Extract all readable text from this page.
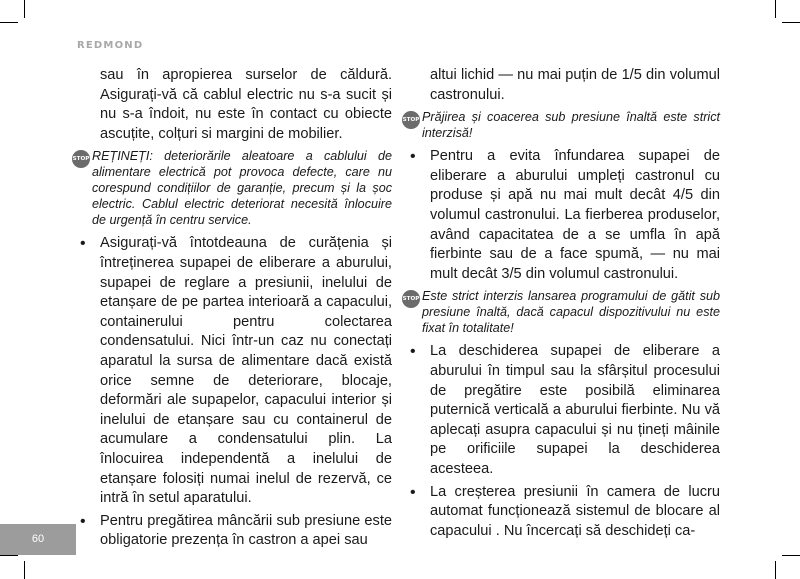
REDMOND

sau în apropierea surselor de căldură. Asigurați-vă că cablul electric nu s-a sucit și nu s-a îndoit, nu este în contact cu obiecte ascuțite, colțuri si margini de mobilier.

STOP REȚINEȚI: deteriorările aleatoare a cablului de alimentare electrică pot provoca defecte, care nu corespund condițiilor de garanție, precum și la șoc electric. Cablul electric deteriorat necesită înlocuire de urgență în centru service.

• Asigurați-vă întotdeauna de curățenia și întreținerea supapei de eliberare a aburului, supapei de reglare a presiunii, inelului de etanșare de pe partea interioară a capacului, containerului pentru colectarea condensatului. Nici într-un caz nu conectați aparatul la sursa de alimentare dacă există orice semne de deteriorare, blocaje, deformări ale supapelor, capacului interior și inelului de etanșare sau cu containerul de acumulare a condensatului plin. La înlocuirea independentă a inelului de etanșare folosiți numai inelul de rezervă, ce intră în setul aparatului.

• Pentru pregătirea mâncării sub presiune este obligatorie prezența în castron a apei sau

altui lichid — nu mai puțin de 1/5 din volumul castronului.

STOP Prăjirea și coacerea sub presiune înaltă este strict interzisă!

• Pentru a evita înfundarea supapei de eliberare a aburului umpleți castronul cu produse și apă nu mai mult decât 4/5 din volumul castronului. La fierberea produselor, având capacitatea de a se umfla în apă fierbinte sau de a face spumă, — nu mai mult decât 3/5 din volumul castronului.

STOP Este strict interzis lansarea programului de gătit sub presiune înaltă, dacă capacul dispozitivului nu este fixat în totalitate!

• La deschiderea supapei de eliberare a aburului în timpul sau la sfârșitul procesului de pregătire este posibilă eliminarea puternică verticală a aburului fierbinte. Nu vă aplecați asupra capacului și nu țineți mâinile pe orificiile supapei la deschiderea acesteea.

• La creșterea presiunii în camera de lucru automat funcționează sistemul de blocare al capacului . Nu încercați să deschideți ca-

60
